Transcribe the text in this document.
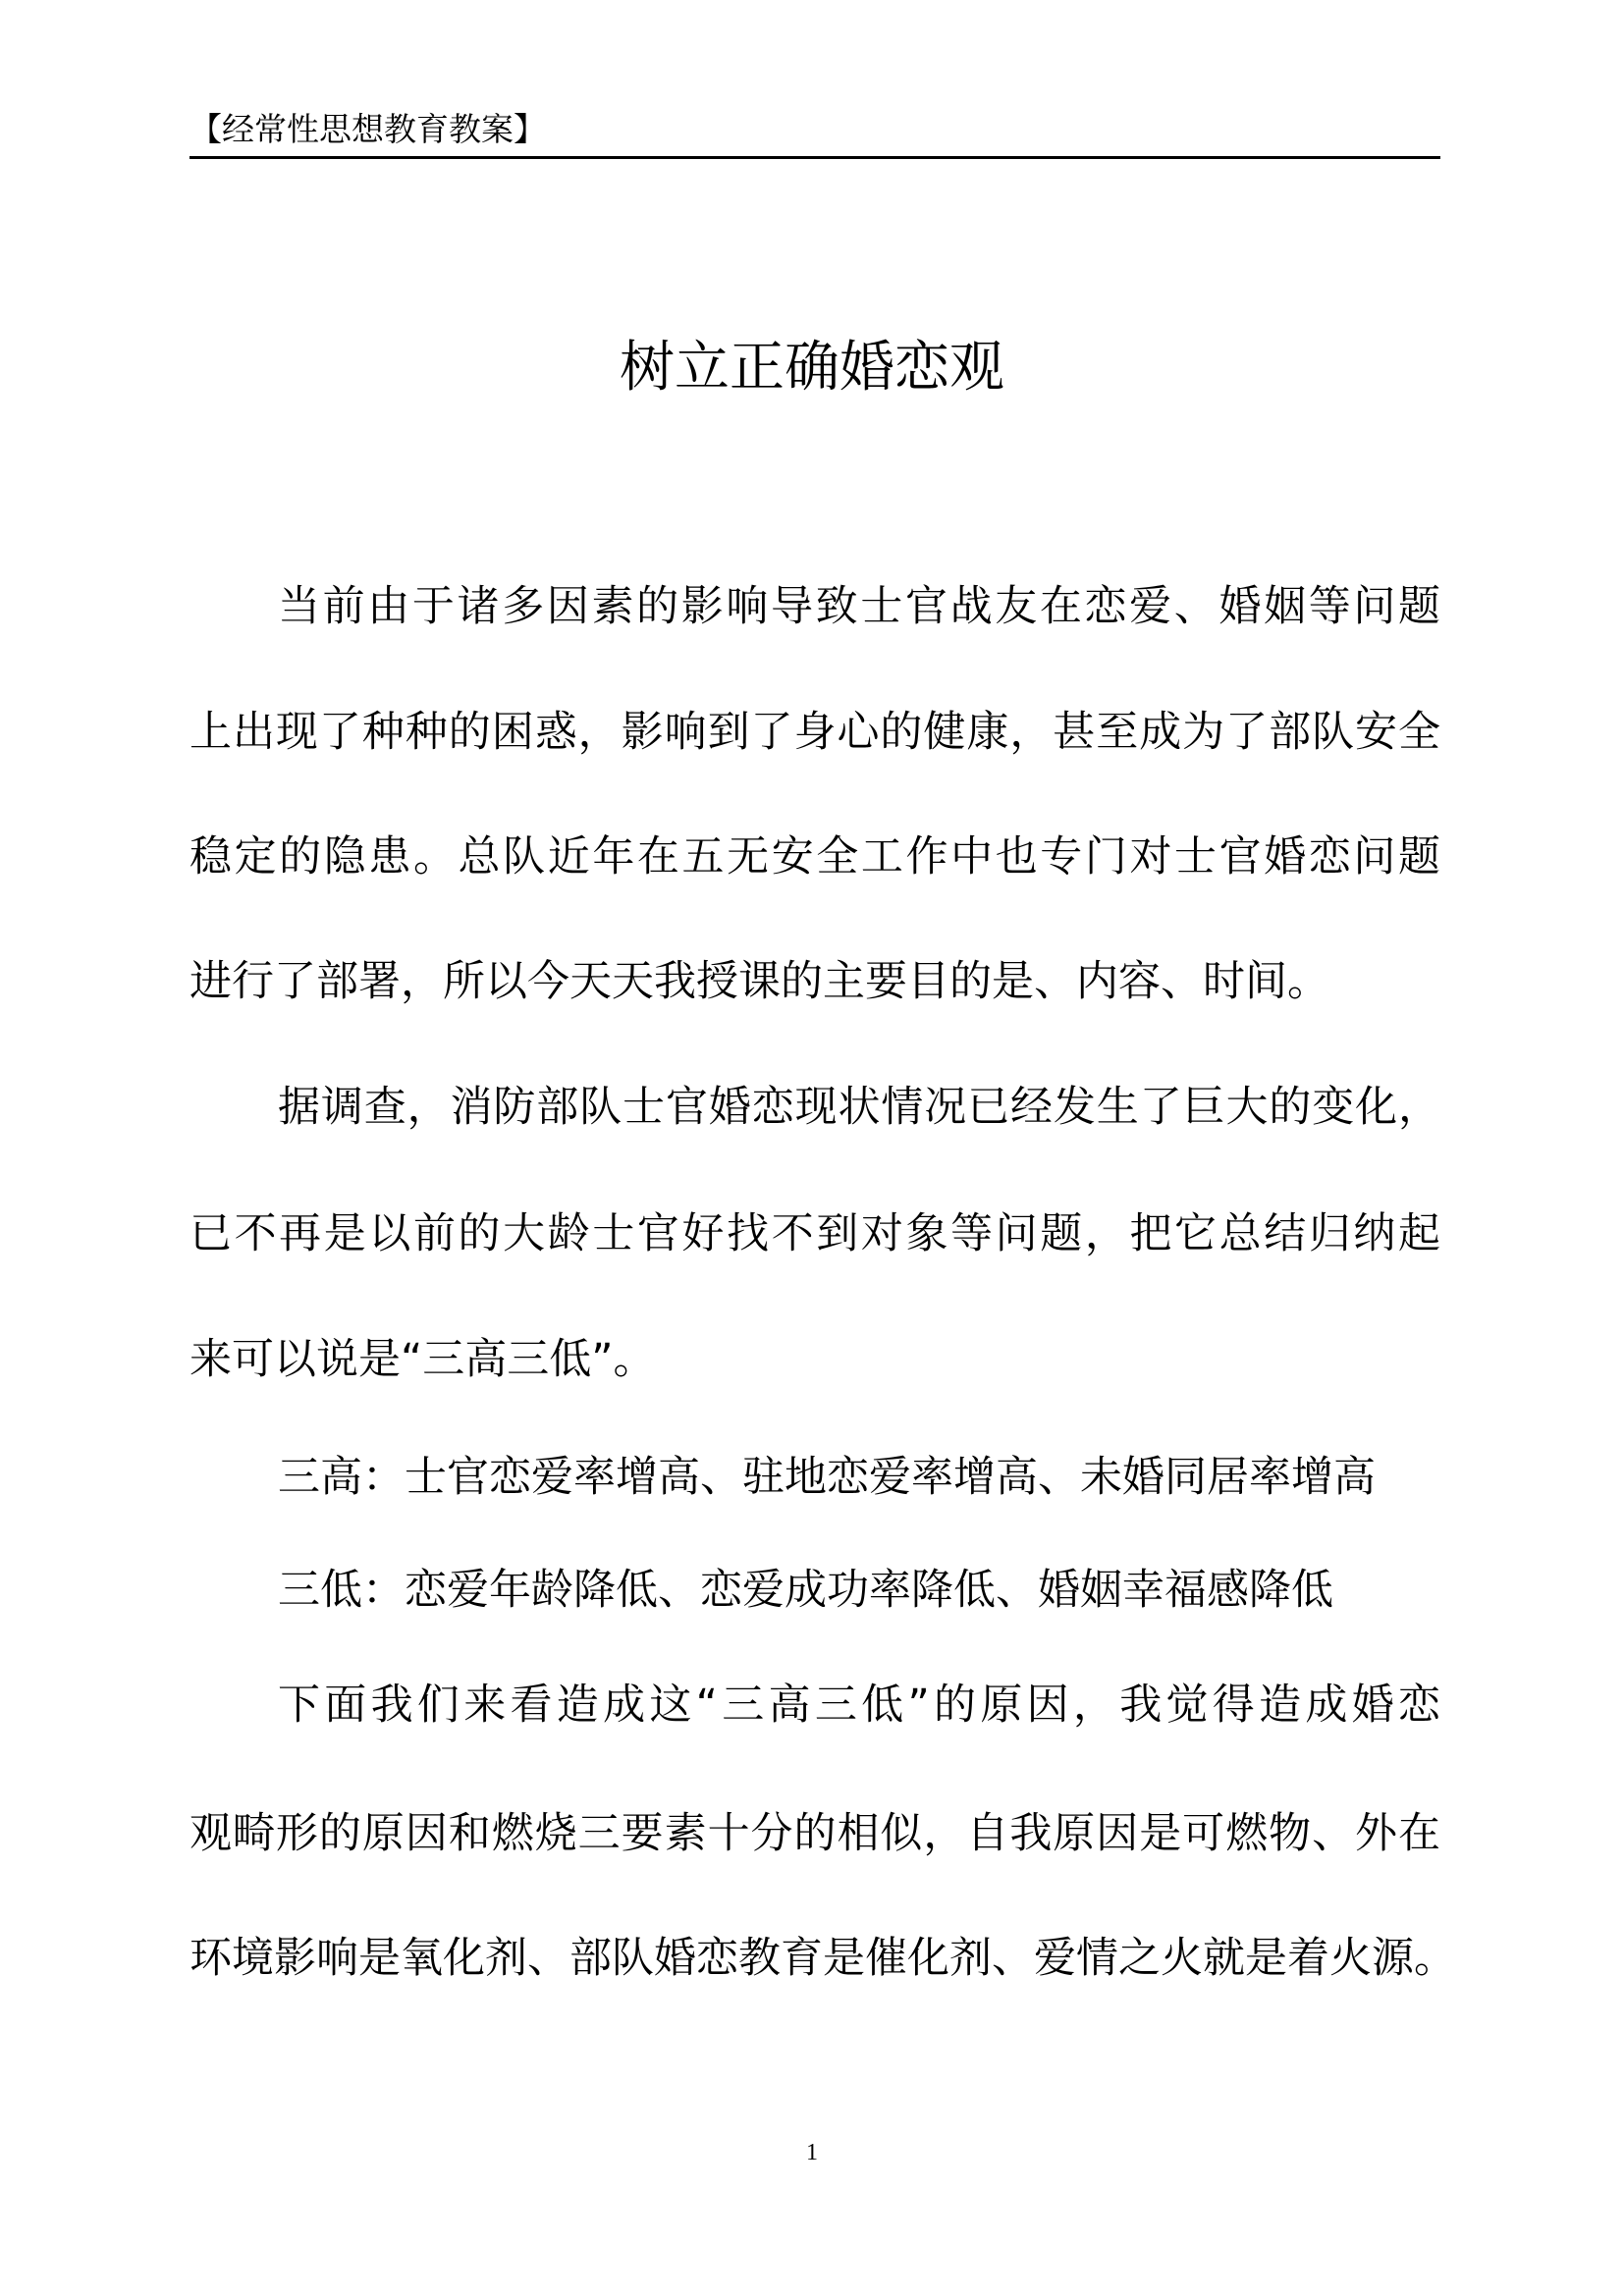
【经常性思想教育教案】
树立正确婚恋观
当前由于诸多因素的影响导致士官战友在恋爱、婚姻等问题
上出现了种种的困惑，影响到了身心的健康，甚至成为了部队安全
稳定的隐患。总队近年在五无安全工作中也专门对士官婚恋问题
进行了部署，所以今天天我授课的主要目的是、内容、时间。
据调查，消防部队士官婚恋现状情况已经发生了巨大的变化，
已不再是以前的大龄士官好找不到对象等问题，把它总结归纳起
来可以说是“三高三低”。
三高：士官恋爱率增高、驻地恋爱率增高、未婚同居率增高
三低：恋爱年龄降低、恋爱成功率降低、婚姻幸福感降低
下面我们来看造成这“三高三低”的原因，我觉得造成婚恋
观畸形的原因和燃烧三要素十分的相似，自我原因是可燃物、外在
环境影响是氧化剂、部队婚恋教育是催化剂、爱情之火就是着火源。
1
